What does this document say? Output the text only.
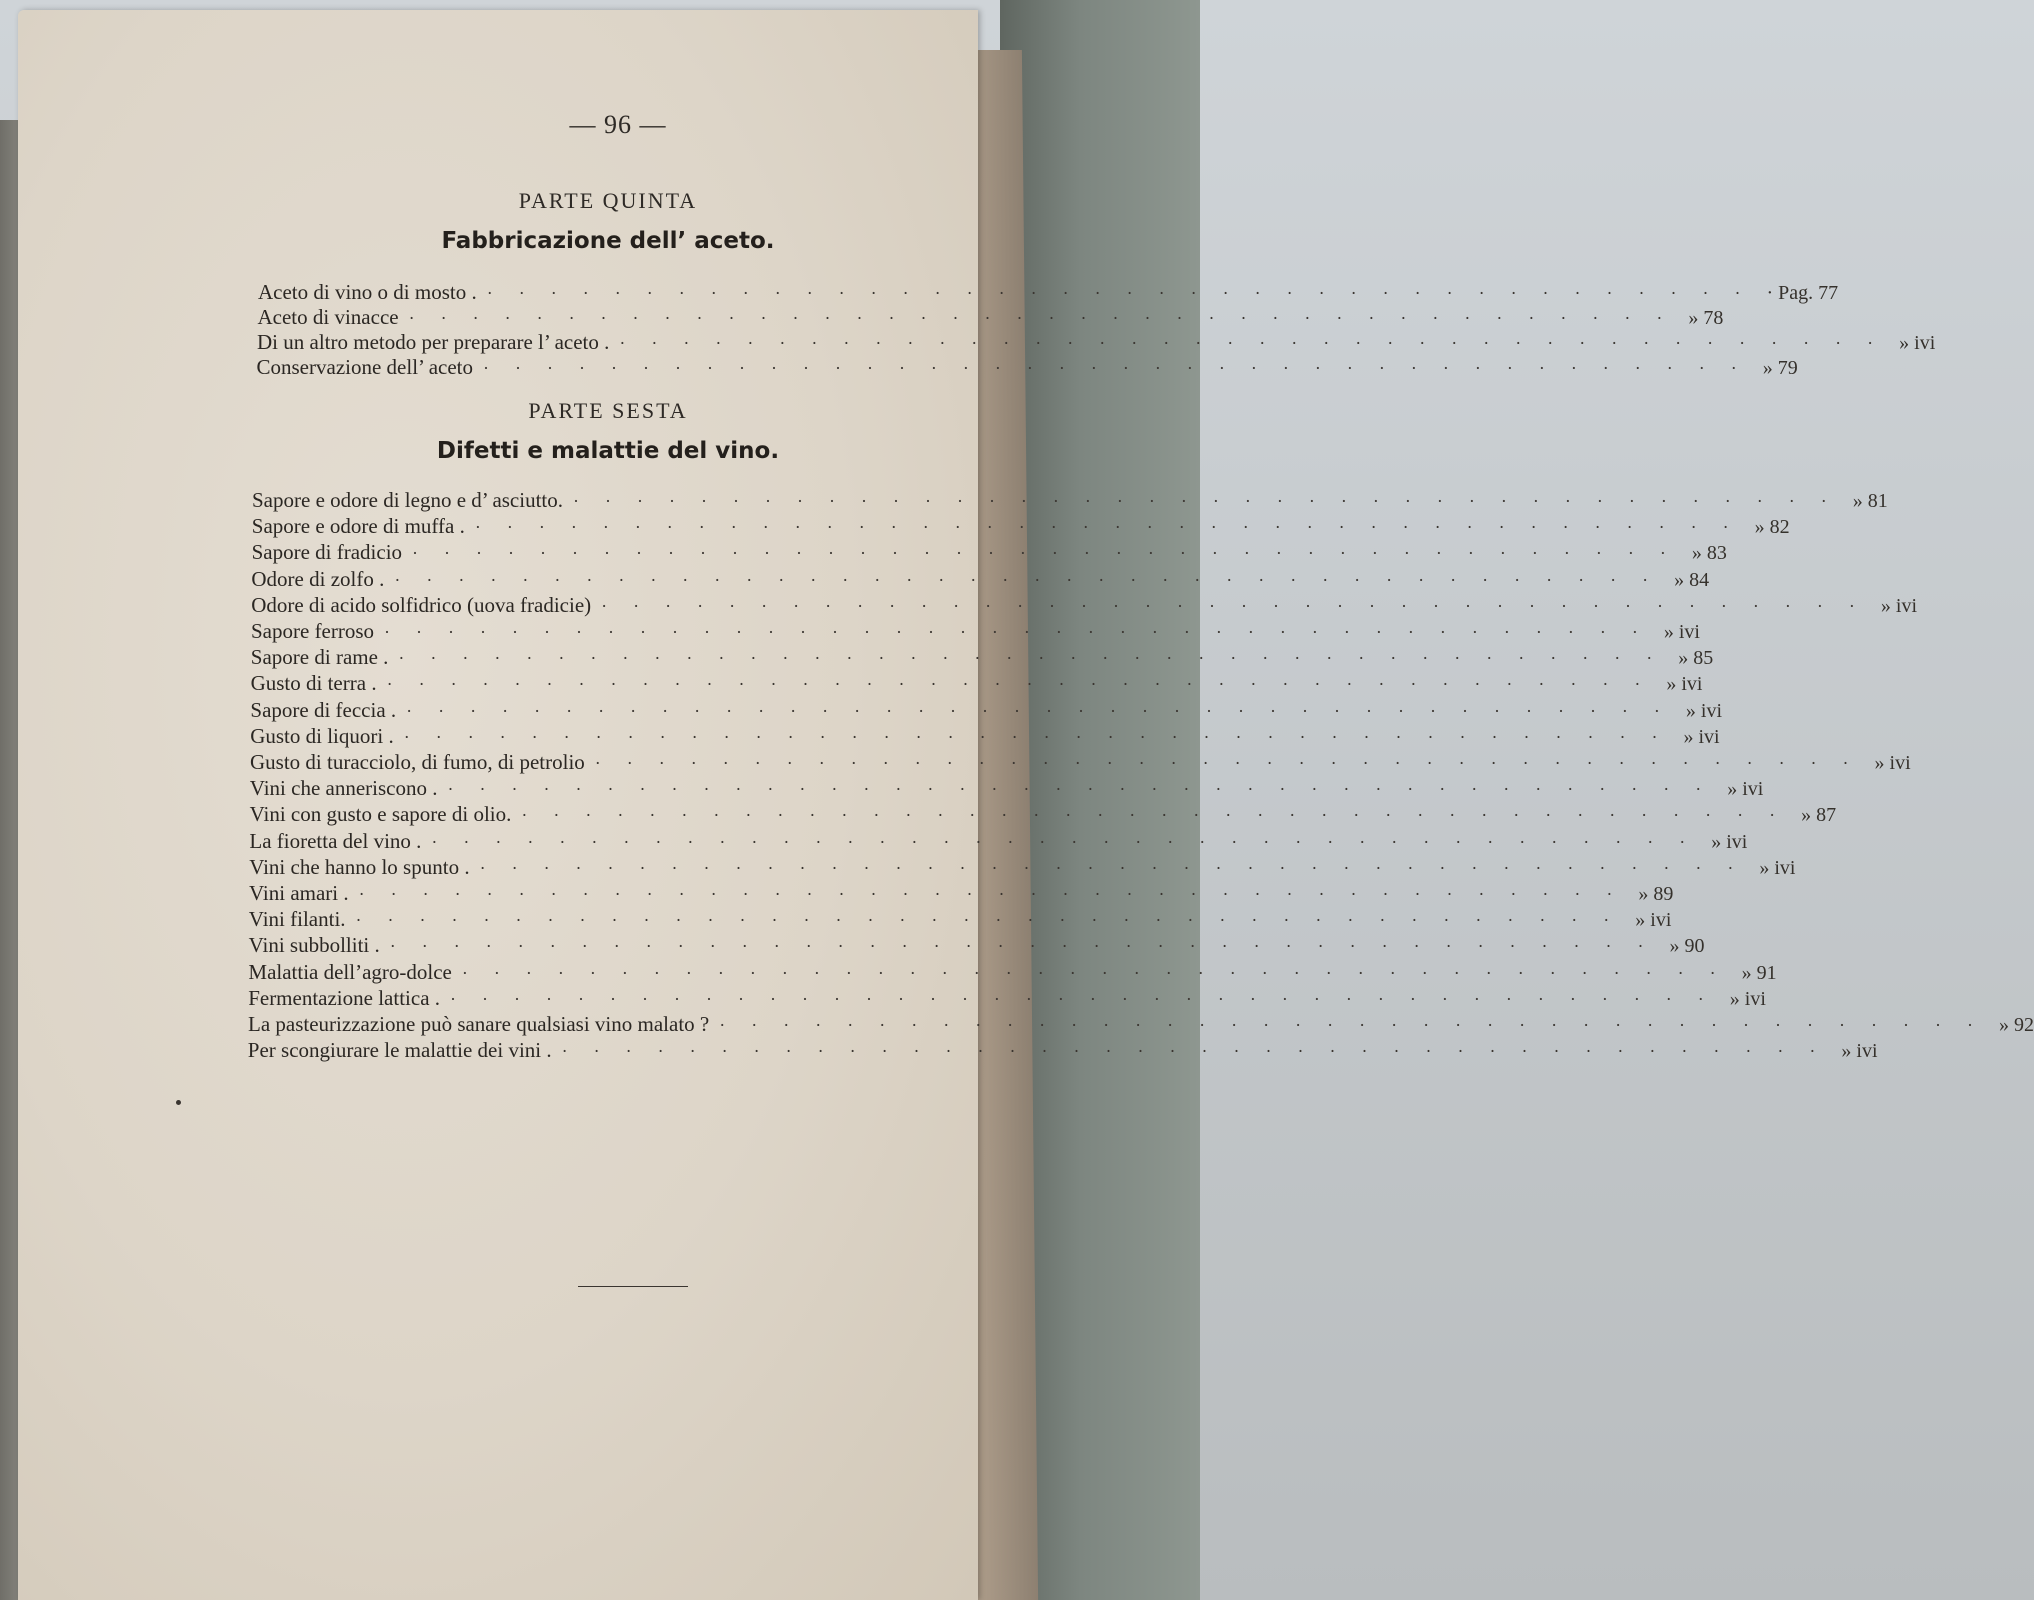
— 96 —
PARTE QUINTA
Fabbricazione dell’ aceto.
Aceto di vino o di mosto . ········································ · Pag. 77
Aceto di vinacce ········································ » 78
Di un altro metodo per preparare l’ aceto . ········································ » ivi
Conservazione dell’ aceto ········································ » 79
PARTE SESTA
Difetti e malattie del vino.
Sapore e odore di legno e d’ asciutto. ········································ » 81
Sapore e odore di muffa . ········································ » 82
Sapore di fradicio ········································ » 83
Odore di zolfo . ········································ » 84
Odore di acido solfidrico (uova fradicie) ········································ » ivi
Sapore ferroso ········································ » ivi
Sapore di rame . ········································ » 85
Gusto di terra . ········································ » ivi
Sapore di feccia . ········································ » ivi
Gusto di liquori . ········································ » ivi
Gusto di turacciolo, di fumo, di petrolio ········································ » ivi
Vini che anneriscono . ········································ » ivi
Vini con gusto e sapore di olio. ········································ » 87
La fioretta del vino . ········································ » ivi
Vini che hanno lo spunto . ········································ » ivi
Vini amari . ········································ » 89
Vini filanti. ········································ » ivi
Vini subbolliti . ········································ » 90
Malattia dell’agro-dolce ········································ » 91
Fermentazione lattica . ········································ » ivi
La pasteurizzazione può sanare qualsiasi vino malato ? ········································ » 92
Per scongiurare le malattie dei vini . ········································ » ivi
